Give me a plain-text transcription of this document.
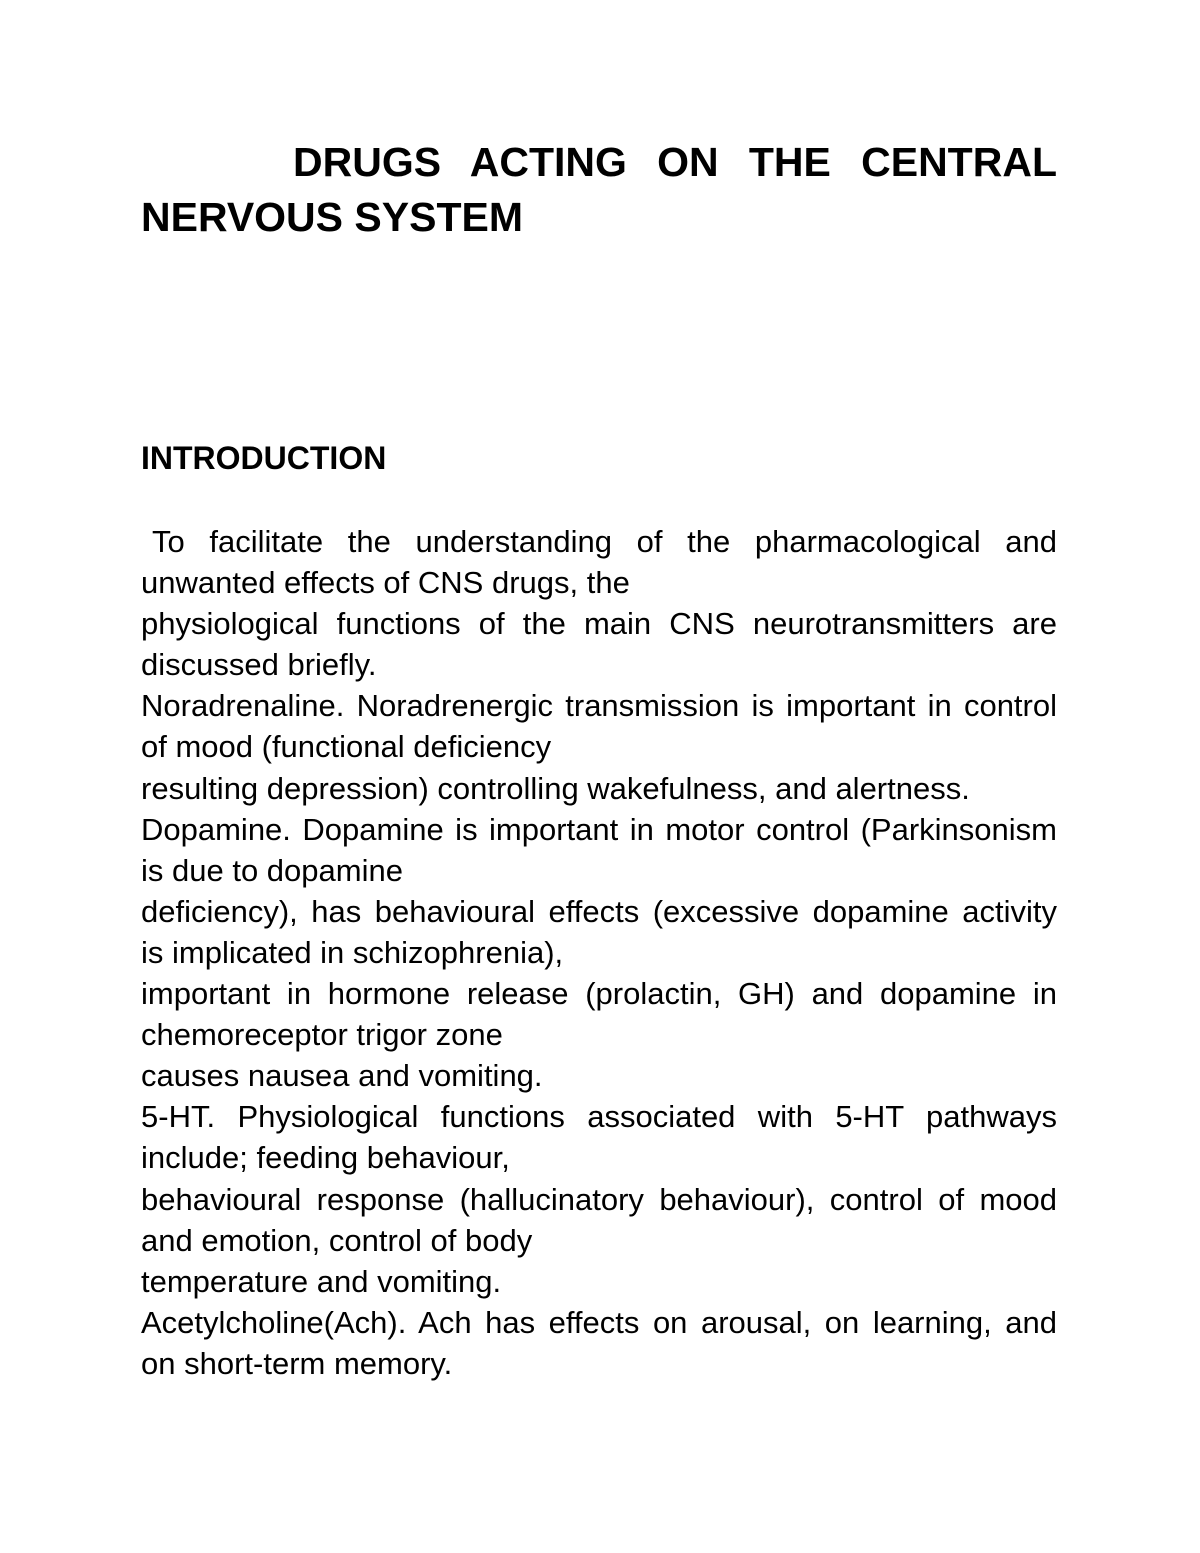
DRUGS ACTING ON THE CENTRAL
NERVOUS SYSTEM
INTRODUCTION
To facilitate the understanding of the pharmacological and
unwanted effects of CNS drugs, the
physiological functions of the main CNS neurotransmitters are
discussed briefly.
Noradrenaline. Noradrenergic transmission is important in control
of mood (functional deficiency
resulting depression) controlling wakefulness, and alertness.
Dopamine. Dopamine is important in motor control (Parkinsonism
is due to dopamine
deficiency), has behavioural effects (excessive dopamine activity
is implicated in schizophrenia),
important in hormone release (prolactin, GH) and dopamine in
chemoreceptor trigor zone
causes nausea and vomiting.
5-HT. Physiological functions associated with 5-HT pathways
include; feeding behaviour,
behavioural response (hallucinatory behaviour), control of mood
and emotion, control of body
temperature and vomiting.
Acetylcholine(Ach). Ach has effects on arousal, on learning, and
on short-term memory.
